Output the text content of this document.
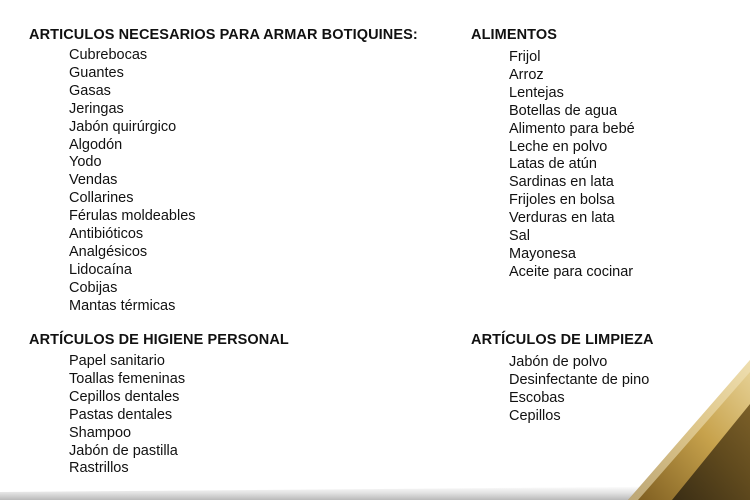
ARTICULOS NECESARIOS PARA ARMAR BOTIQUINES:
Cubrebocas
Guantes
Gasas
Jeringas
Jabón quirúrgico
Algodón
Yodo
Vendas
Collarines
Férulas moldeables
Antibióticos
Analgésicos
Lidocaína
Cobijas
Mantas térmicas
ALIMENTOS
Frijol
Arroz
Lentejas
Botellas de agua
Alimento para bebé
Leche en polvo
Latas de atún
Sardinas en lata
Frijoles en bolsa
Verduras en lata
Sal
Mayonesa
Aceite para cocinar
ARTÍCULOS DE HIGIENE PERSONAL
Papel sanitario
Toallas femeninas
Cepillos dentales
Pastas dentales
Shampoo
Jabón de pastilla
Rastrillos
ARTÍCULOS DE LIMPIEZA
Jabón de polvo
Desinfectante de pino
Escobas
Cepillos
